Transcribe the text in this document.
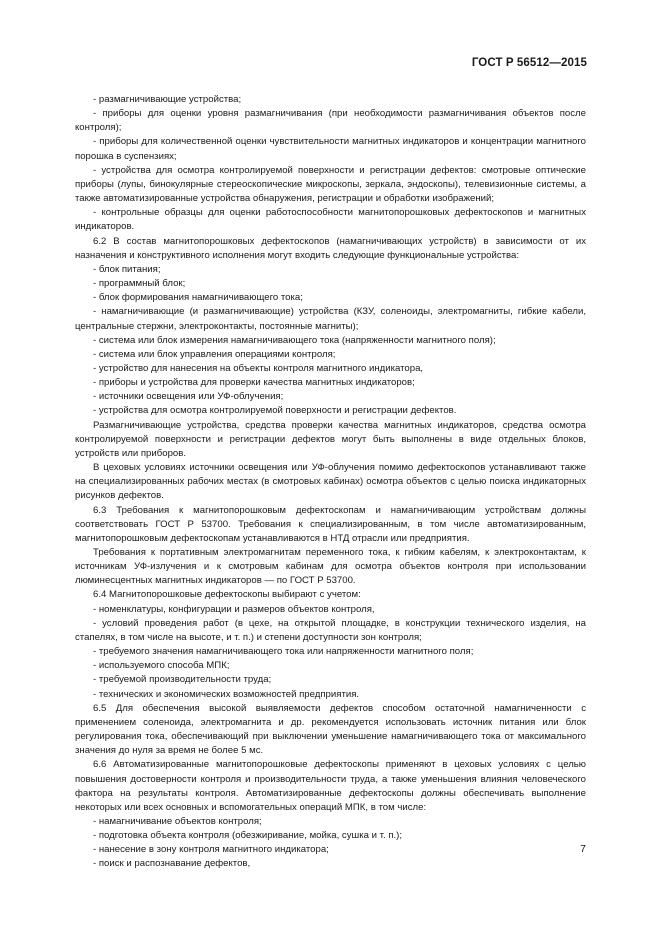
ГОСТ Р 56512—2015

- размагничивающие устройства;

- приборы для оценки уровня размагничивания (при необходимости размагничивания объектов после контроля);

- приборы для количественной оценки чувствительности магнитных индикаторов и концентрации магнитного порошка в суспензиях;

- устройства для осмотра контролируемой поверхности и регистрации дефектов: смотровые оптические приборы (лупы, бинокулярные стереоскопические микроскопы, зеркала, эндоскопы), телевизионные системы, а также автоматизированные устройства обнаружения, регистрации и обработки изображений;

- контрольные образцы для оценки работоспособности магнитопорошковых дефектоскопов и магнитных индикаторов.

6.2 В состав магнитопорошковых дефектоскопов (намагничивающих устройств) в зависимости от их назначения и конструктивного исполнения могут входить следующие функциональные устройства:

- блок питания;

- программный блок;

- блок формирования намагничивающего тока;

- намагничивающие (и размагничивающие) устройства (КЗУ, соленоиды, электромагниты, гибкие кабели, центральные стержни, электроконтакты, постоянные магниты);

- система или блок измерения намагничивающего тока (напряженности магнитного поля);

- система или блок управления операциями контроля;

- устройство для нанесения на объекты контроля магнитного индикатора,

- приборы и устройства для проверки качества магнитных индикаторов;

- источники освещения или УФ-облучения;

- устройства для осмотра контролируемой поверхности и регистрации дефектов.

Размагничивающие устройства, средства проверки качества магнитных индикаторов, средства осмотра контролируемой поверхности и регистрации дефектов могут быть выполнены в виде отдельных блоков, устройств или приборов.

В цеховых условиях источники освещения или УФ-облучения помимо дефектоскопов устанавливают также на специализированных рабочих местах (в смотровых кабинах) осмотра объектов с целью поиска индикаторных рисунков дефектов.

6.3 Требования к магнитопорошковым дефектоскопам и намагничивающим устройствам должны соответствовать ГОСТ Р 53700. Требования к специализированным, в том числе автоматизированным, магнитопорошковым дефектоскопам устанавливаются в НТД отрасли или предприятия.

Требования к портативным электромагнитам переменного тока, к гибким кабелям, к электроконтактам, к источникам УФ-излучения и к смотровым кабинам для осмотра объектов контроля при использовании люминесцентных магнитных индикаторов — по ГОСТ Р 53700.

6.4 Магнитопорошковые дефектоскопы выбирают с учетом:

- номенклатуры, конфигурации и размеров объектов контроля,

- условий проведения работ (в цехе, на открытой площадке, в конструкции технического изделия, на стапелях, в том числе на высоте, и т. п.) и степени доступности зон контроля;

- требуемого значения намагничивающего тока или напряженности магнитного поля;

- используемого способа МПК;

- требуемой производительности труда;

- технических и экономических возможностей предприятия.

6.5 Для обеспечения высокой выявляемости дефектов способом остаточной намагниченности с применением соленоида, электромагнита и др. рекомендуется использовать источник питания или блок регулирования тока, обеспечивающий при выключении уменьшение намагничивающего тока от максимального значения до нуля за время не более 5 мс.

6.6 Автоматизированные магнитопорошковые дефектоскопы применяют в цеховых условиях с целью повышения достоверности контроля и производительности труда, а также уменьшения влияния человеческого фактора на результаты контроля. Автоматизированные дефектоскопы должны обеспечивать выполнение некоторых или всех основных и вспомогательных операций МПК, в том числе:

- намагничивание объектов контроля;

- подготовка объекта контроля (обезжиривание, мойка, сушка и т. п.);

- нанесение в зону контроля магнитного индикатора;

- поиск и распознавание дефектов,

7
